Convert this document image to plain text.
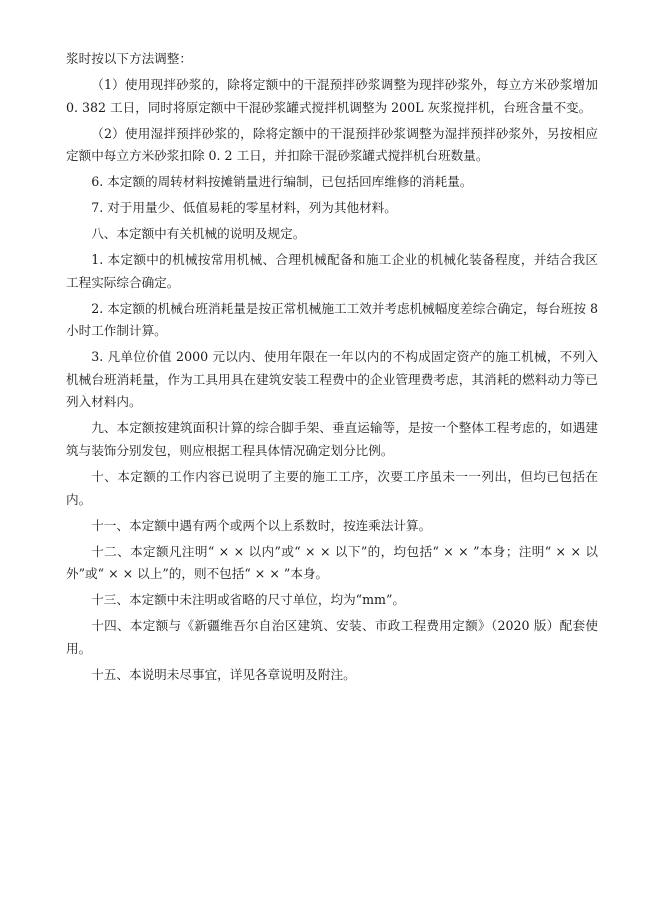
浆时按以下方法调整：

（1）使用现拌砂浆的，除将定额中的干混预拌砂浆调整为现拌砂浆外，每立方米砂浆增加 0. 382 工日，同时将原定额中干混砂浆罐式搅拌机调整为 200L 灰浆搅拌机，台班含量不变。

（2）使用湿拌预拌砂浆的，除将定额中的干混预拌砂浆调整为湿拌预拌砂浆外，另按相应定额中每立方米砂浆扣除 0. 2 工日，并扣除干混砂浆罐式搅拌机台班数量。

6. 本定额的周转材料按摊销量进行编制，已包括回库维修的消耗量。

7. 对于用量少、低值易耗的零星材料，列为其他材料。

八、本定额中有关机械的说明及规定。

1. 本定额中的机械按常用机械、合理机械配备和施工企业的机械化装备程度，并结合我区工程实际综合确定。

2. 本定额的机械台班消耗量是按正常机械施工工效并考虑机械幅度差综合确定，每台班按 8 小时工作制计算。

3. 凡单位价值 2000 元以内、使用年限在一年以内的不构成固定资产的施工机械，不列入机械台班消耗量，作为工具用具在建筑安装工程费中的企业管理费考虑，其消耗的燃料动力等已列入材料内。

九、本定额按建筑面积计算的综合脚手架、垂直运输等，是按一个整体工程考虑的，如遇建筑与装饰分别发包，则应根据工程具体情况确定划分比例。

十、本定额的工作内容已说明了主要的施工工序，次要工序虽未一一列出，但均已包括在内。

十一、本定额中遇有两个或两个以上系数时，按连乘法计算。

十二、本定额凡注明“ × × 以内”或“ × × 以下”的，均包括“ × × ”本身；注明“ × × 以外”或“ × × 以上”的，则不包括“ × × ”本身。

十三、本定额中未注明或省略的尺寸单位，均为“mm”。

十四、本定额与《新疆维吾尔自治区建筑、安装、市政工程费用定额》（2020 版）配套使用。

十五、本说明未尽事宜，详见各章说明及附注。
